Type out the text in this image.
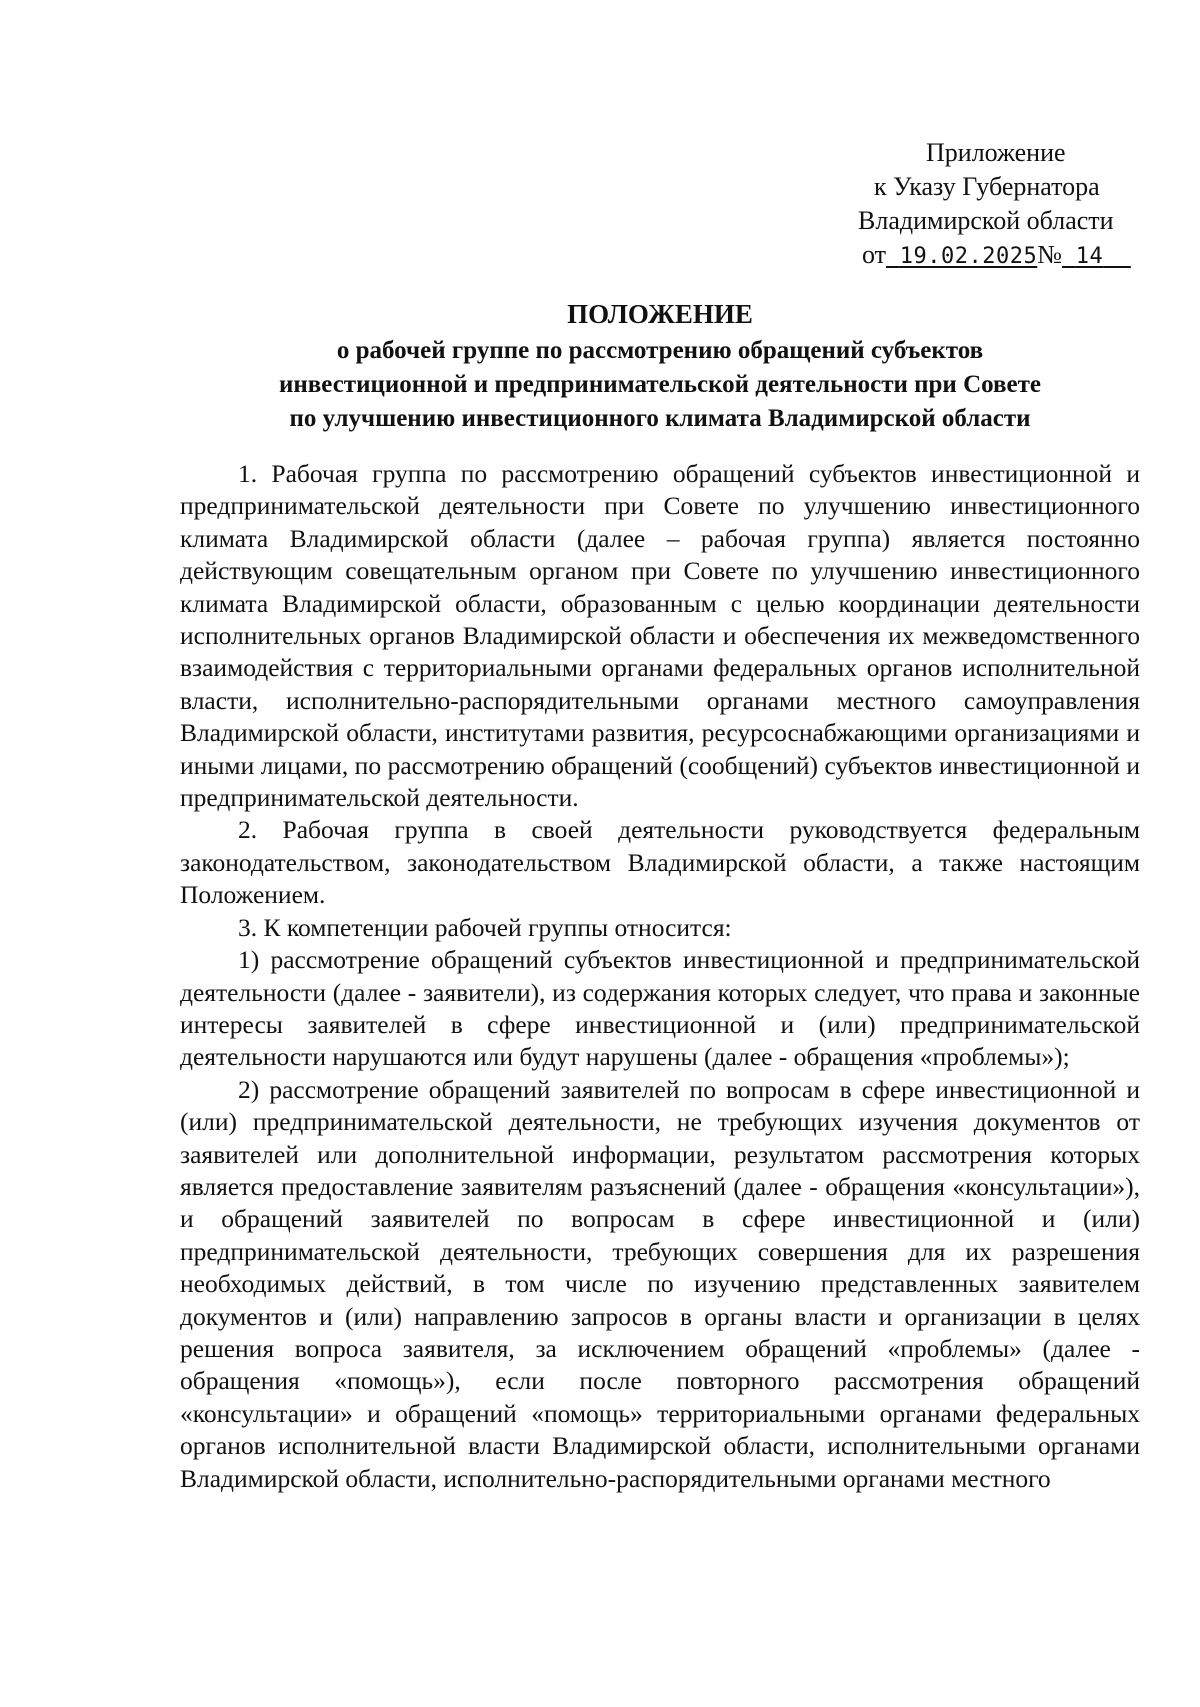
Приложение
к Указу Губернатора
Владимирской области
от 19.02.2025№ 14
ПОЛОЖЕНИЕ
о рабочей группе по рассмотрению обращений субъектов
инвестиционной и предпринимательской деятельности при Совете
по улучшению инвестиционного климата Владимирской области

1. Рабочая группа по рассмотрению обращений субъектов инвестиционной и предпринимательской деятельности при Совете по улучшению инвестиционного климата Владимирской области (далее – рабочая группа) является постоянно действующим совещательным органом при Совете по улучшению инвестиционного климата Владимирской области, образованным с целью координации деятельности исполнительных органов Владимирской области и обеспечения их межведомственного взаимодействия с территориальными органами федеральных органов исполнительной власти, исполнительно-распорядительными органами местного самоуправления Владимирской области, институтами развития, ресурсоснабжающими организациями и иными лицами, по рассмотрению обращений (сообщений) субъектов инвестиционной и предпринимательской деятельности.

2. Рабочая группа в своей деятельности руководствуется федеральным законодательством, законодательством Владимирской области, а также настоящим Положением.

3. К компетенции рабочей группы относится:

1) рассмотрение обращений субъектов инвестиционной и предпринимательской деятельности (далее - заявители), из содержания которых следует, что права и законные интересы заявителей в сфере инвестиционной и (или) предпринимательской деятельности нарушаются или будут нарушены (далее - обращения «проблемы»);

2) рассмотрение обращений заявителей по вопросам в сфере инвестиционной и (или) предпринимательской деятельности, не требующих изучения документов от заявителей или дополнительной информации, результатом рассмотрения которых является предоставление заявителям разъяснений (далее - обращения «консультации»), и обращений заявителей по вопросам в сфере инвестиционной и (или) предпринимательской деятельности, требующих совершения для их разрешения необходимых действий, в том числе по изучению представленных заявителем документов и (или) направлению запросов в органы власти и организации в целях решения вопроса заявителя, за исключением обращений «проблемы» (далее - обращения «помощь»), если после повторного рассмотрения обращений «консультации» и обращений «помощь» территориальными органами федеральных органов исполнительной власти Владимирской области, исполнительными органами Владимирской области, исполнительно-распорядительными органами местного
